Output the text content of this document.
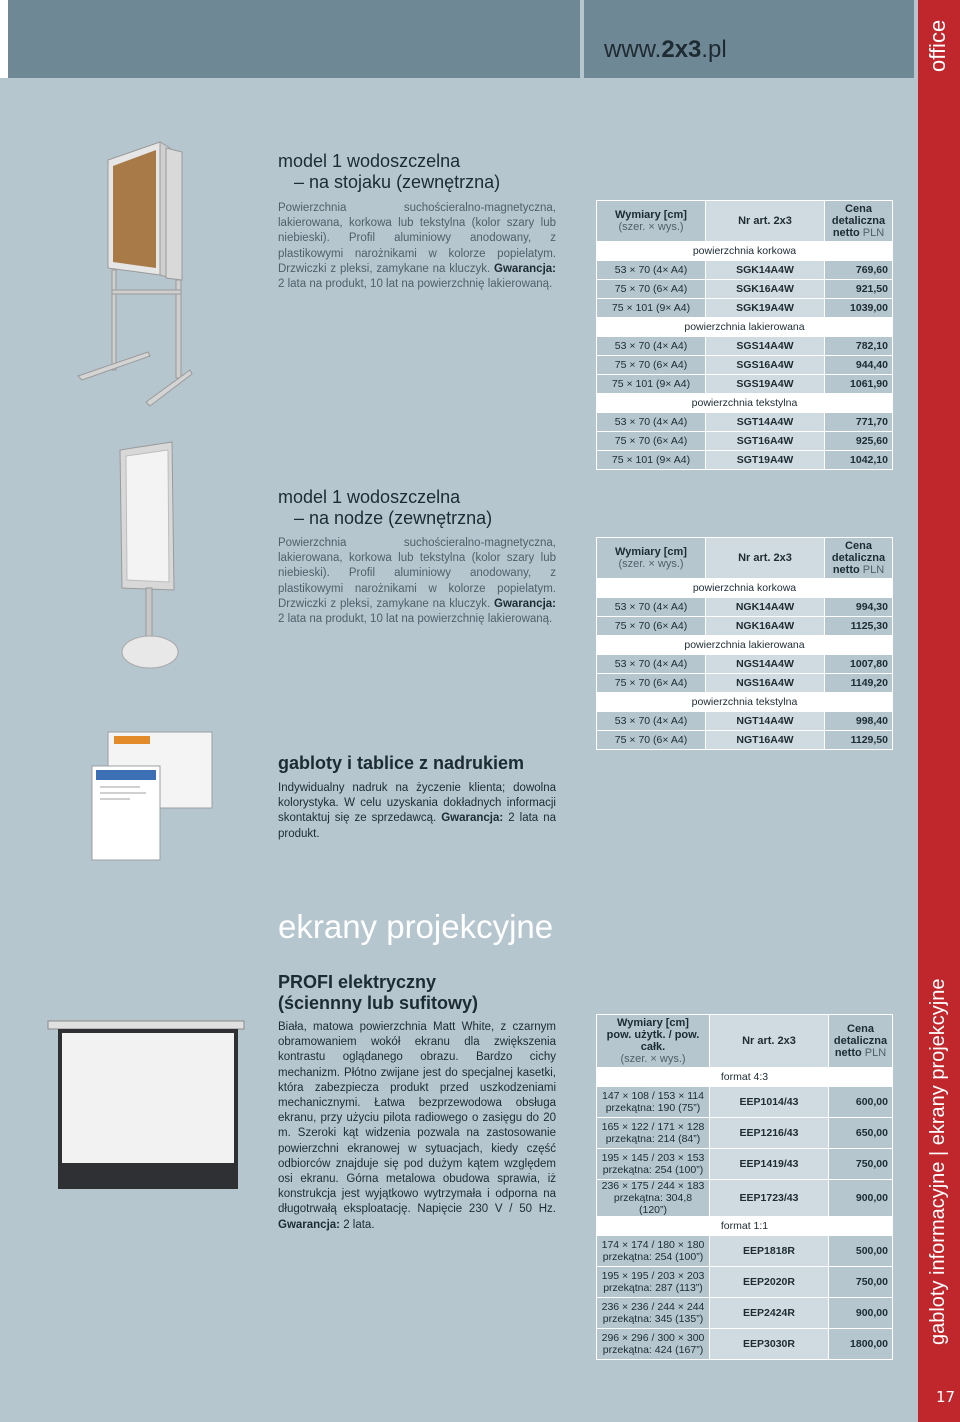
www.2x3.pl	office
gabloty informacyjne | ekrany projekcyjne
17
model 1 wodoszczelna
– na stojaku (zewnętrzna)
Powierzchnia suchościeralno-magnetyczna, lakierowana, korkowa lub tekstylna (kolor szary lub niebieski). Profil aluminiowy anodowany, z plastikowymi narożnikami w kolorze popielatym. Drzwiczki z pleksi, zamykane na kluczyk. Gwarancja: 2 lata na produkt, 10 lat na powierzchnię lakierowaną.
model 1 wodoszczelna
– na nodze (zewnętrzna)
Powierzchnia suchościeralno-magnetyczna, lakierowana, korkowa lub tekstylna (kolor szary lub niebieski). Profil aluminiowy anodowany, z plastikowymi narożnikami w kolorze popielatym. Drzwiczki z pleksi, zamykane na kluczyk. Gwarancja: 2 lata na produkt, 10 lat na powierzchnię lakierowaną.
gabloty i tablice z nadrukiem
Indywidualny nadruk na życzenie klienta; dowolna kolorystyka. W celu uzyskania dokładnych informacji skontaktuj się ze sprzedawcą. Gwarancja: 2 lata na produkt.
ekrany projekcyjne
PROFI elektryczny
(ściennny lub sufitowy)
Biała, matowa powierzchnia Matt White, z czarnym obramowaniem wokół ekranu dla zwiększenia kontrastu oglądanego obrazu. Bardzo cichy mechanizm. Płótno zwijane jest do specjalnej kasetki, która zabezpiecza produkt przed uszkodzeniami mechanicznymi. Łatwa bezprzewodowa obsługa ekranu, przy użyciu pilota radiowego o zasięgu do 20 m. Szeroki kąt widzenia pozwala na zastosowanie powierzchni ekranowej w sytuacjach, kiedy część odbiorców znajduje się pod dużym kątem względem osi ekranu. Górna metalowa obudowa sprawia, iż konstrukcja jest wyjątkowo wytrzymała i odporna na długotrwałą eksploatację. Napięcie 230 V / 50 Hz. Gwarancja: 2 lata.
Wymiary [cm]
(szer. × wys.)	Nr art. 2x3	Cena
detaliczna
netto PLN
powierzchnia korkowa		
53 × 70 (4× A4)	SGK14A4W	769,60
75 × 70 (6× A4)	SGK16A4W	921,50
75 × 101 (9× A4)	SGK19A4W	1039,00
powierzchnia lakierowana		
53 × 70 (4× A4)	SGS14A4W	782,10
75 × 70 (6× A4)	SGS16A4W	944,40
75 × 101 (9× A4)	SGS19A4W	1061,90
powierzchnia tekstylna		
53 × 70 (4× A4)	SGT14A4W	771,70
75 × 70 (6× A4)	SGT16A4W	925,60
75 × 101 (9× A4)	SGT19A4W	1042,10
Wymiary [cm]
(szer. × wys.)	Nr art. 2x3	Cena
detaliczna
netto PLN
powierzchnia korkowa		
53 × 70 (4× A4)	NGK14A4W	994,30
75 × 70 (6× A4)	NGK16A4W	1125,30
powierzchnia lakierowana		
53 × 70 (4× A4)	NGS14A4W	1007,80
75 × 70 (6× A4)	NGS16A4W	1149,20
powierzchnia tekstylna		
53 × 70 (4× A4)	NGT14A4W	998,40
75 × 70 (6× A4)	NGT16A4W	1129,50
Wymiary [cm]
pow. użytk. / pow. całk.
(szer. × wys.)	Nr art. 2x3	Cena
detaliczna
netto PLN
format 4:3		

147 × 108 / 153 × 114
przekątna: 190 (75”)	EEP1014/43	600,00

165 × 122 / 171 × 128
przekątna: 214 (84”)	EEP1216/43	650,00

195 × 145 / 203 × 153
przekątna: 254 (100”)	EEP1419/43	750,00

236 × 175 / 244 × 183
przekątna: 304,8 (120”)	EEP1723/43	900,00
format 1:1		

174 × 174 / 180 × 180
przekątna: 254 (100”)	EEP1818R	500,00

195 × 195 / 203 × 203
przekątna: 287 (113”)	EEP2020R	750,00

236 × 236 / 244 × 244
przekątna: 345 (135”)	EEP2424R	900,00

296 × 296 / 300 × 300
przekątna: 424 (167”)	EEP3030R	1800,00
